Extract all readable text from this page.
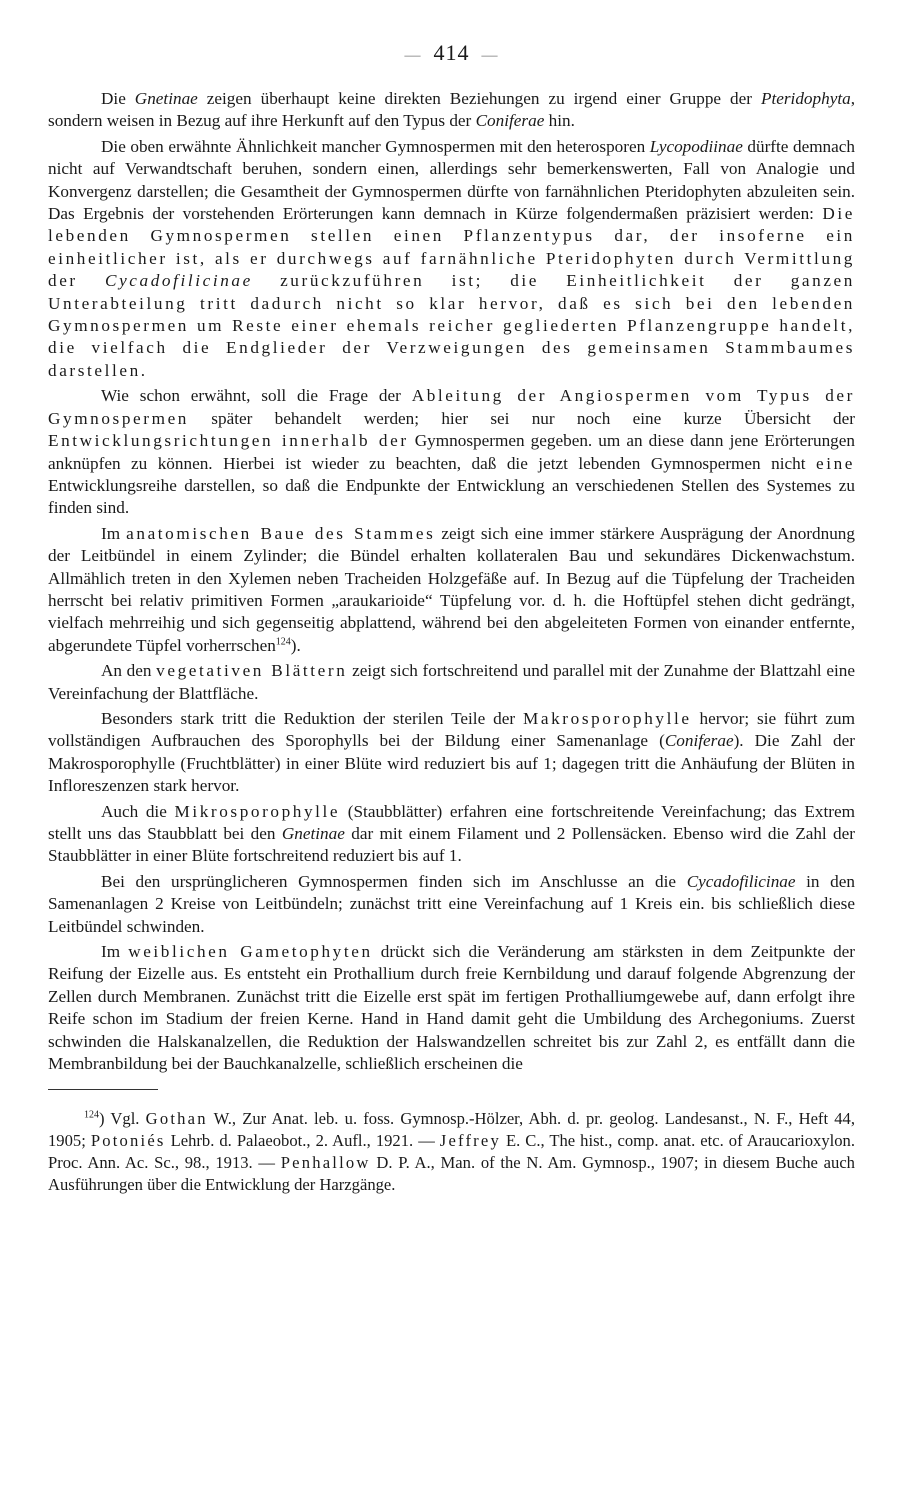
— 414 —

Die Gnetinae zeigen überhaupt keine direkten Beziehungen zu irgend einer Gruppe der Pteridophyta, sondern weisen in Bezug auf ihre Herkunft auf den Typus der Coniferae hin.

Die oben erwähnte Ähnlichkeit mancher Gymnospermen mit den heterosporen Lycopodiinae dürfte demnach nicht auf Verwandtschaft beruhen, sondern einen, allerdings sehr bemerkenswerten, Fall von Analogie und Konvergenz darstellen; die Gesamtheit der Gymnospermen dürfte von farnähnlichen Pteridophyten abzuleiten sein. Das Ergebnis der vorstehenden Erörterungen kann demnach in Kürze folgendermaßen präzisiert werden: Die lebenden Gymnospermen stellen einen Pflanzentypus dar, der insoferne ein einheitlicher ist, als er durchwegs auf farnähnliche Pteridophyten durch Vermittlung der Cycadofilicinae zurückzuführen ist; die Einheitlichkeit der ganzen Unterabteilung tritt dadurch nicht so klar hervor, daß es sich bei den lebenden Gymnospermen um Reste einer ehemals reicher gegliederten Pflanzengruppe handelt, die vielfach die Endglieder der Verzweigungen des gemeinsamen Stammbaumes darstellen.

Wie schon erwähnt, soll die Frage der Ableitung der Angiospermen vom Typus der Gymnospermen später behandelt werden; hier sei nur noch eine kurze Übersicht der Entwicklungsrichtungen innerhalb der Gymnospermen gegeben. um an diese dann jene Erörterungen anknüpfen zu können. Hierbei ist wieder zu beachten, daß die jetzt lebenden Gymnospermen nicht eine Entwicklungsreihe darstellen, so daß die Endpunkte der Entwicklung an verschiedenen Stellen des Systemes zu finden sind.

Im anatomischen Baue des Stammes zeigt sich eine immer stärkere Ausprägung der Anordnung der Leitbündel in einem Zylinder; die Bündel erhalten kollateralen Bau und sekundäres Dickenwachstum. Allmählich treten in den Xylemen neben Tracheiden Holzgefäße auf. In Bezug auf die Tüpfelung der Tracheiden herrscht bei relativ primitiven Formen „araukarioide“ Tüpfelung vor. d. h. die Hoftüpfel stehen dicht gedrängt, vielfach mehrreihig und sich gegenseitig abplattend, während bei den abgeleiteten Formen von einander entfernte, abgerundete Tüpfel vorherrschen$^{124}$).

An den vegetativen Blättern zeigt sich fortschreitend und parallel mit der Zunahme der Blattzahl eine Vereinfachung der Blattfläche.

Besonders stark tritt die Reduktion der sterilen Teile der Makrosporophylle hervor; sie führt zum vollständigen Aufbrauchen des Sporophylls bei der Bildung einer Samenanlage (Coniferae). Die Zahl der Makrosporophylle (Fruchtblätter) in einer Blüte wird reduziert bis auf 1; dagegen tritt die Anhäufung der Blüten in Infloreszenzen stark hervor.

Auch die Mikrosporophylle (Staubblätter) erfahren eine fortschreitende Vereinfachung; das Extrem stellt uns das Staubblatt bei den Gnetinae dar mit einem Filament und 2 Pollensäcken. Ebenso wird die Zahl der Staubblätter in einer Blüte fortschreitend reduziert bis auf 1.

Bei den ursprünglicheren Gymnospermen finden sich im Anschlusse an die Cycadofilicinae in den Samenanlagen 2 Kreise von Leitbündeln; zunächst tritt eine Vereinfachung auf 1 Kreis ein. bis schließlich diese Leitbündel schwinden.

Im weiblichen Gametophyten drückt sich die Veränderung am stärksten in dem Zeitpunkte der Reifung der Eizelle aus. Es entsteht ein Prothallium durch freie Kernbildung und darauf folgende Abgrenzung der Zellen durch Membranen. Zunächst tritt die Eizelle erst spät im fertigen Prothalliumgewebe auf, dann erfolgt ihre Reife schon im Stadium der freien Kerne. Hand in Hand damit geht die Umbildung des Archegoniums. Zuerst schwinden die Halskanalzellen, die Reduktion der Halswandzellen schreitet bis zur Zahl 2, es entfällt dann die Membranbildung bei der Bauchkanalzelle, schließlich erscheinen die

$^{124}$) Vgl. Gothan W., Zur Anat. leb. u. foss. Gymnosp.-Hölzer, Abh. d. pr. geolog. Landesanst., N. F., Heft 44, 1905; Potoniés Lehrb. d. Palaeobot., 2. Aufl., 1921. — Jeffrey E. C., The hist., comp. anat. etc. of Araucarioxylon. Proc. Ann. Ac. Sc., 98., 1913. — Penhallow D. P. A., Man. of the N. Am. Gymnosp., 1907; in diesem Buche auch Ausführungen über die Entwicklung der Harzgänge.
